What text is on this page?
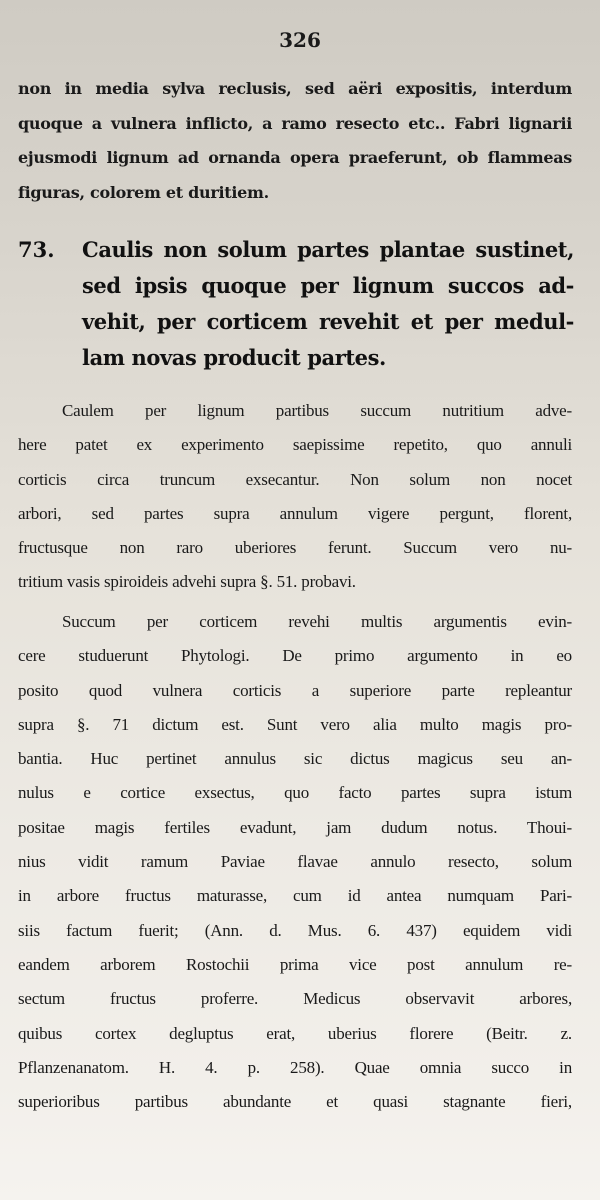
326
non in media sylva reclusis, sed aëri expositis, interdum
quoque a vulnera inflicto, a ramo resecto etc.. Fabri lignarii
ejusmodi lignum ad ornanda opera praeferunt, ob flammeas
figuras, colorem et duritiem.
73. Caulis non solum partes plantae sustinet,
sed ipsis quoque per lignum succos ad-
vehit, per corticem revehit et per medul-
lam novas producit partes.
Caulem per lignum partibus succum nutritium adve-
here patet ex experimento saepissime repetito, quo annuli
corticis circa truncum exsecantur. Non solum non nocet
arbori, sed partes supra annulum vigere pergunt, florent,
fructusque non raro uberiores ferunt. Succum vero nu-
tritium vasis spiroideis advehi supra §. 51. probavi.
Succum per corticem revehi multis argumentis evin-
cere studuerunt Phytologi. De primo argumento in eo
posito quod vulnera corticis a superiore parte repleantur
supra §. 71 dictum est. Sunt vero alia multo magis pro-
bantia. Huc pertinet annulus sic dictus magicus seu an-
nulus e cortice exsectus, quo facto partes supra istum
positae magis fertiles evadunt, jam dudum notus. Thoui-
nius vidit ramum Paviae flavae annulo resecto, solum
in arbore fructus maturasse, cum id antea numquam Pari-
siis factum fuerit; (Ann. d. Mus. 6. 437) equidem vidi
eandem arborem Rostochii prima vice post annulum re-
sectum fructus proferre. Medicus observavit arbores,
quibus cortex degluptus erat, uberius florere (Beitr. z.
Pflanzenanatom. H. 4. p. 258). Quae omnia succo in
superioribus partibus abundante et quasi stagnante fieri,
